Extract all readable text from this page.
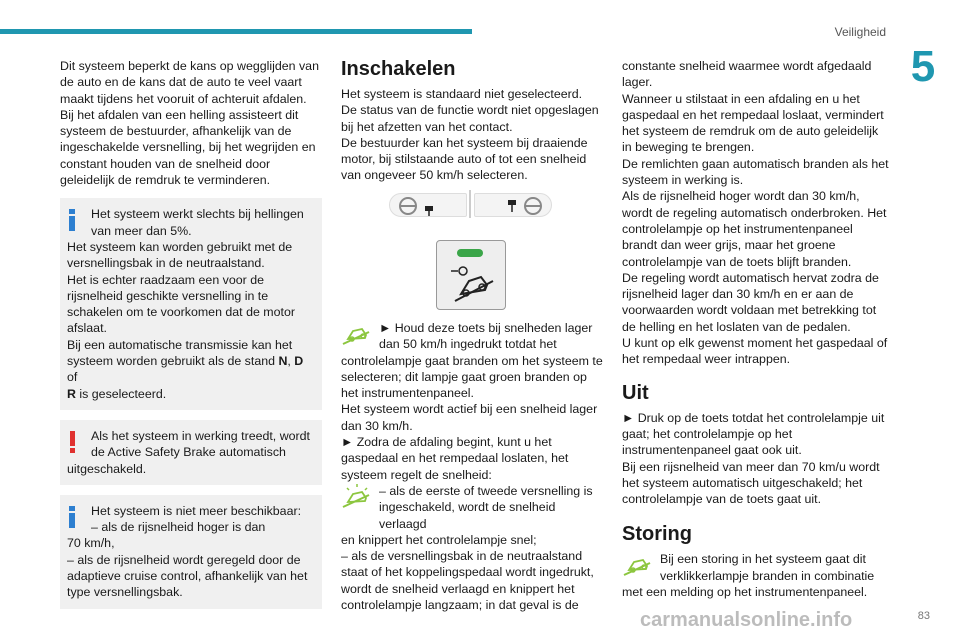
Veiligheid
5

Dit systeem beperkt de kans op wegglijden van de auto en de kans dat de auto te veel vaart maakt tijdens het vooruit of achteruit afdalen.
Bij het afdalen van een helling assisteert dit systeem de bestuurder, afhankelijk van de ingeschakelde versnelling, bij het wegrijden en constant houden van de snelheid door geleidelijk de remdruk te verminderen.

Het systeem werkt slechts bij hellingen van meer dan 5%.
Het systeem kan worden gebruikt met de versnellingsbak in de neutraalstand.
Het is echter raadzaam een voor de rijsnelheid geschikte versnelling in te schakelen om te voorkomen dat de motor afslaat.
Bij een automatische transmissie kan het systeem worden gebruikt als de stand N, D of
R is geselecteerd.
Als het systeem in werking treedt, wordt de Active Safety Brake automatisch
uitgeschakeld.
Het systeem is niet meer beschikbaar:
– als de rijsnelheid hoger is dan
70 km/h,
– als de rijsnelheid wordt geregeld door de adaptieve cruise control, afhankelijk van het type versnellingsbak.
Inschakelen

Het systeem is standaard niet geselecteerd.
De status van de functie wordt niet opgeslagen bij het afzetten van het contact.
De bestuurder kan het systeem bij draaiende motor, bij stilstaande auto of tot een snelheid van ongeveer 50 km/h selecteren.

► Houd deze toets bij snelheden lager dan 50 km/h ingedrukt totdat het
controlelampje gaat branden om het systeem te selecteren; dit lampje gaat groen branden op het instrumentenpaneel.
Het systeem wordt actief bij een snelheid lager dan 30 km/h.
► Zodra de afdaling begint, kunt u het gaspedaal en het rempedaal loslaten, het systeem regelt de snelheid:
– als de eerste of tweede versnelling is ingeschakeld, wordt de snelheid verlaagd
en knippert het controlelampje snel;
– als de versnellingsbak in de neutraalstand staat of het koppelingspedaal wordt ingedrukt, wordt de snelheid verlaagd en knippert het controlelampje langzaam; in dat geval is de

constante snelheid waarmee wordt afgedaald lager.
Wanneer u stilstaat in een afdaling en u het gaspedaal en het rempedaal loslaat, vermindert het systeem de remdruk om de auto geleidelijk in beweging te brengen.
De remlichten gaan automatisch branden als het systeem in werking is.
Als de rijsnelheid hoger wordt dan 30 km/h, wordt de regeling automatisch onderbroken. Het controlelampje op het instrumentenpaneel brandt dan weer grijs, maar het groene controlelampje van de toets blijft branden.
De regeling wordt automatisch hervat zodra de rijsnelheid lager dan 30 km/h en er aan de voorwaarden wordt voldaan met betrekking tot de helling en het loslaten van de pedalen.
U kunt op elk gewenst moment het gaspedaal of het rempedaal weer intrappen.

Uit

► Druk op de toets totdat het controlelampje uit gaat; het controlelampje op het instrumentenpaneel gaat ook uit.
Bij een rijsnelheid van meer dan 70 km/u wordt het systeem automatisch uitgeschakeld; het controlelampje van de toets gaat uit.

Storing
Bij een storing in het systeem gaat dit verklikkerlampje branden in combinatie
met een melding op het instrumentenpaneel.
83
carmanualsonline.info
